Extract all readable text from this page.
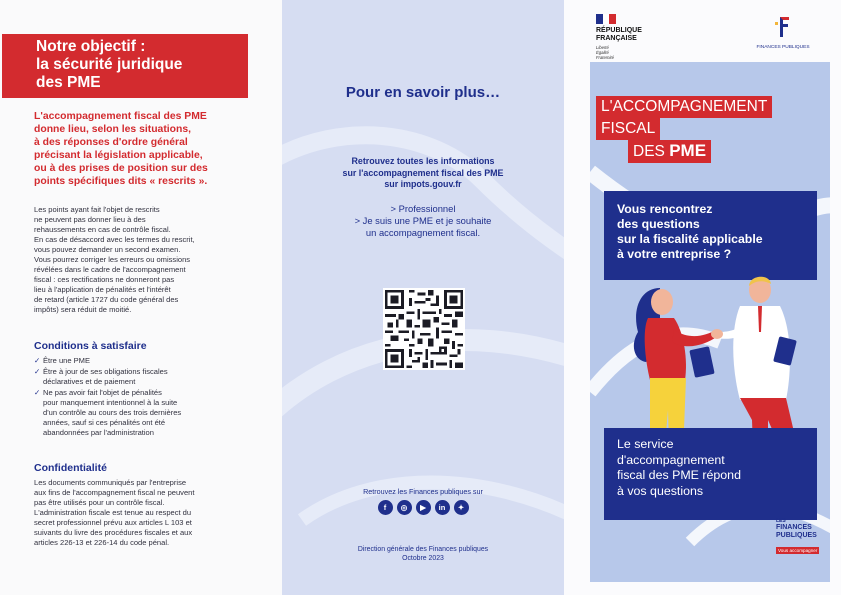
Notre objectif :
la sécurité juridique
des PME
L'accompagnement fiscal des PME
donne lieu, selon les situations,
à des réponses d'ordre général
précisant la législation applicable,
ou à des prises de position sur des
points spécifiques dits « rescrits ».
Les points ayant fait l'objet de rescrits
ne peuvent pas donner lieu à des
rehaussements en cas de contrôle fiscal.
En cas de désaccord avec les termes du rescrit,
vous pouvez demander un second examen.
Vous pourrez corriger les erreurs ou omissions
révélées dans le cadre de l'accompagnement
fiscal : ces rectifications ne donneront pas
lieu à l'application de pénalités et l'intérêt
de retard (article 1727 du code général des
impôts) sera réduit de moitié.
Conditions à satisfaire
✓ Être une PME
✓ Être à jour de ses obligations fiscales
déclaratives et de paiement
✓ Ne pas avoir fait l'objet de pénalités
pour manquement intentionnel à la suite
d'un contrôle au cours des trois dernières
années, sauf si ces pénalités ont été
abandonnées par l'administration
Confidentialité
Les documents communiqués par l'entreprise
aux fins de l'accompagnement fiscal ne peuvent
pas être utilisés pour un contrôle fiscal.
L'administration fiscale est tenue au respect du
secret professionnel prévu aux articles L 103 et
suivants du livre des procédures fiscales et aux
articles 226-13 et 226-14 du code pénal.
Pour en savoir plus…
Retrouvez toutes les informations
sur l'accompagnement fiscal des PME
sur impots.gouv.fr
> Professionnel
> Je suis une PME et je souhaite
un accompagnement fiscal.
Retrouvez les Finances publiques sur
f	◎	▶	in	✦
Direction générale des Finances publiques
Octobre 2023
RÉPUBLIQUE
FRANÇAISE
Liberté
Égalité
Fraternité
FINANCES PUBLIQUES
L'ACCOMPAGNEMENT
FISCAL
DES PME
Vous rencontrez
des questions
sur la fiscalité applicable
à votre entreprise ?
Le service
d'accompagnement
fiscal des PME répond
à vos questions
LES
FINANCES
PUBLIQUES
Vous accompagner
